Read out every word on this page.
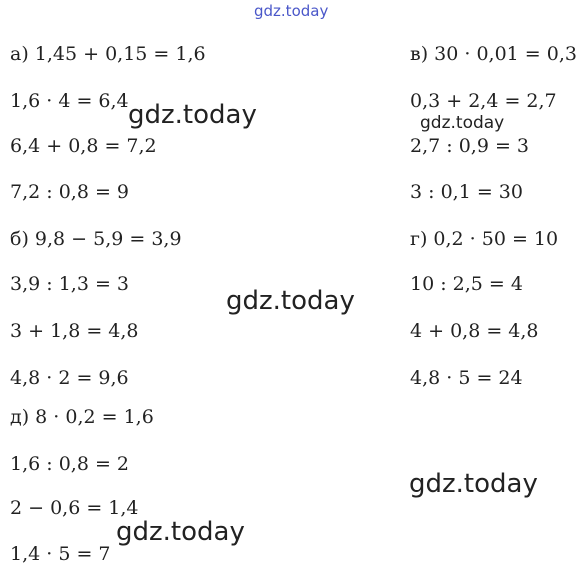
gdz.today
а) 1,45 + 0,15 = 1,6
1,6 · 4 = 6,4
6,4 + 0,8 = 7,2
7,2 : 0,8 = 9
б) 9,8 − 5,9 = 3,9
3,9 : 1,3 = 3
3 + 1,8 = 4,8
4,8 · 2 = 9,6
д) 8 · 0,2 = 1,6
1,6 : 0,8 = 2
2 − 0,6 = 1,4
1,4 · 5 = 7
в) 30 · 0,01 = 0,3
0,3 + 2,4 = 2,7
2,7 : 0,9 = 3
3 : 0,1 = 30
г) 0,2 · 50 = 10
10 : 2,5 = 4
4 + 0,8 = 4,8
4,8 · 5 = 24
gdz.today	gdz.today
gdz.today
gdz.today
gdz.today
